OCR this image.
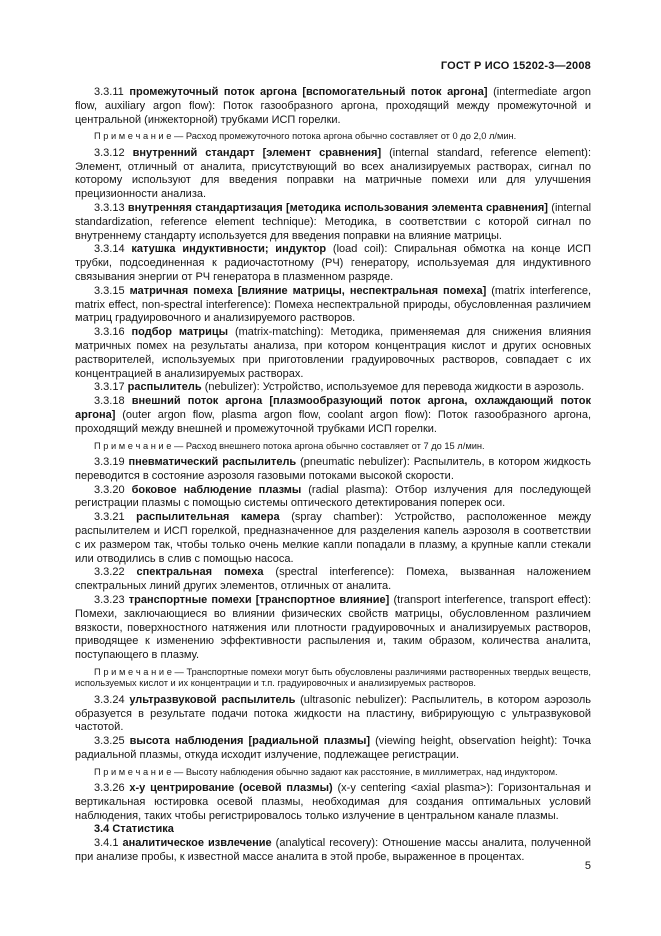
ГОСТ Р ИСО 15202-3—2008

3.3.11 промежуточный поток аргона [вспомогательный поток аргона] (intermediate argon flow, auxiliary argon flow): Поток газообразного аргона, проходящий между промежуточной и центральной (инжекторной) трубками ИСП горелки.

П р и м е ч а н и е — Расход промежуточного потока аргона обычно составляет от 0 до 2,0 л/мин.

3.3.12 внутренний стандарт [элемент сравнения] (internal standard, reference element): Элемент, отличный от аналита, присутствующий во всех анализируемых растворах, сигнал по которому используют для введения поправки на матричные помехи или для улучшения прецизионности анализа.

3.3.13 внутренняя стандартизация [методика использования элемента сравнения] (internal standardization, reference element technique): Методика, в соответствии с которой сигнал по внутреннему стандарту используется для введения поправки на влияние матрицы.

3.3.14 катушка индуктивности; индуктор (load coil): Спиральная обмотка на конце ИСП трубки, подсоединенная к радиочастотному (РЧ) генератору, используемая для индуктивного связывания энергии от РЧ генератора в плазменном разряде.

3.3.15 матричная помеха [влияние матрицы, неспектральная помеха] (matrix interference, matrix effect, non-spectral interference): Помеха неспектральной природы, обусловленная различием матриц градуировочного и анализируемого растворов.

3.3.16 подбор матрицы (matrix-matching): Методика, применяемая для снижения влияния матричных помех на результаты анализа, при котором концентрация кислот и других основных растворителей, используемых при приготовлении градуировочных растворов, совпадает с их концентрацией в анализируемых растворах.

3.3.17 распылитель (nebulizer): Устройство, используемое для перевода жидкости в аэрозоль.

3.3.18 внешний поток аргона [плазмообразующий поток аргона, охлаждающий поток аргона] (outer argon flow, plasma argon flow, coolant argon flow): Поток газообразного аргона, проходящий между внешней и промежуточной трубками ИСП горелки.

П р и м е ч а н и е — Расход внешнего потока аргона обычно составляет от 7 до 15 л/мин.

3.3.19 пневматический распылитель (pneumatic nebulizer): Распылитель, в котором жидкость переводится в состояние аэрозоля газовыми потоками высокой скорости.

3.3.20 боковое наблюдение плазмы (radial plasma): Отбор излучения для последующей регистрации плазмы с помощью системы оптического детектирования поперек оси.

3.3.21 распылительная камера (spray chamber): Устройство, расположенное между распылителем и ИСП горелкой, предназначенное для разделения капель аэрозоля в соответствии с их размером так, чтобы только очень мелкие капли попадали в плазму, а крупные капли стекали или отводились в слив с помощью насоса.

3.3.22 спектральная помеха (spectral interference): Помеха, вызванная наложением спектральных линий других элементов, отличных от аналита.

3.3.23 транспортные помехи [транспортное влияние] (transport interference, transport effect): Помехи, заключающиеся во влиянии физических свойств матрицы, обусловленном различием вязкости, поверхностного натяжения или плотности градуировочных и анализируемых растворов, приводящее к изменению эффективности распыления и, таким образом, количества аналита, поступающего в плазму.

П р и м е ч а н и е — Транспортные помехи могут быть обусловлены различиями растворенных твердых веществ, используемых кислот и их концентрации и т.п. градуировочных и анализируемых растворов.

3.3.24 ультразвуковой распылитель (ultrasonic nebulizer): Распылитель, в котором аэрозоль образуется в результате подачи потока жидкости на пластину, вибрирующую с ультразвуковой частотой.

3.3.25 высота наблюдения [радиальной плазмы] (viewing height, observation height): Точка радиальной плазмы, откуда исходит излучение, подлежащее регистрации.

П р и м е ч а н и е — Высоту наблюдения обычно задают как расстояние, в миллиметрах, над индуктором.

3.3.26 x-y центрирование (осевой плазмы) (x-y centering <axial plasma>): Горизонтальная и вертикальная юстировка осевой плазмы, необходимая для создания оптимальных условий наблюдения, таких чтобы регистрировалось только излучение в центральном канале плазмы.

3.4 Статистика

3.4.1 аналитическое извлечение (analytical recovery): Отношение массы аналита, полученной при анализе пробы, к известной массе аналита в этой пробе, выраженное в процентах.

5
